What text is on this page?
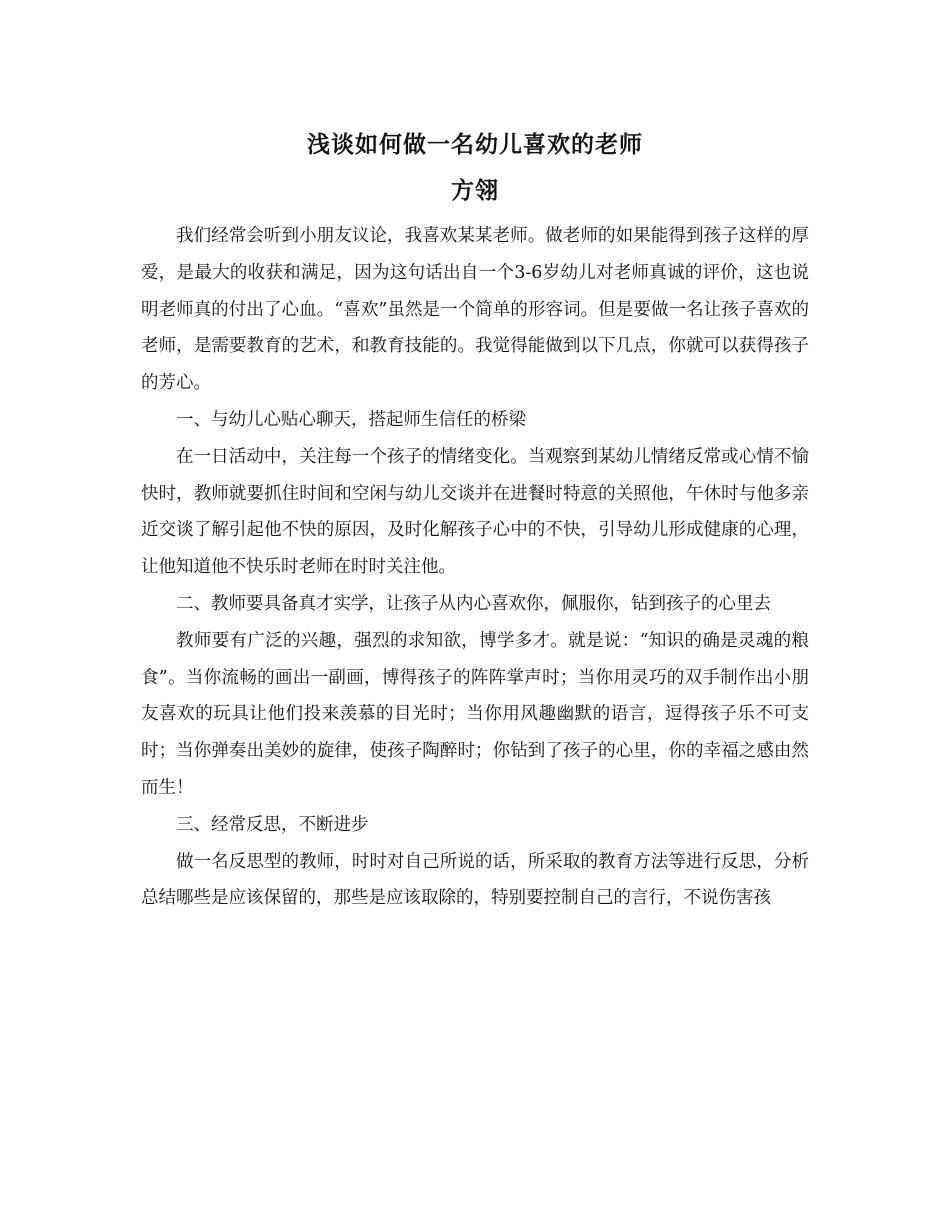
浅谈如何做一名幼儿喜欢的老师
方翎

我们经常会听到小朋友议论，我喜欢某某老师。做老师的如果能得到孩子这样的厚爱，是最大的收获和满足，因为这句话出自一个3-6岁幼儿对老师真诚的评价，这也说明老师真的付出了心血。“喜欢”虽然是一个简单的形容词。但是要做一名让孩子喜欢的老师，是需要教育的艺术，和教育技能的。我觉得能做到以下几点，你就可以获得孩子的芳心。

一、与幼儿心贴心聊天，搭起师生信任的桥梁

在一日活动中，关注每一个孩子的情绪变化。当观察到某幼儿情绪反常或心情不愉快时，教师就要抓住时间和空闲与幼儿交谈并在进餐时特意的关照他，午休时与他多亲近交谈了解引起他不快的原因，及时化解孩子心中的不快，引导幼儿形成健康的心理，让他知道他不快乐时老师在时时关注他。

二、教师要具备真才实学，让孩子从内心喜欢你，佩服你，钻到孩子的心里去

教师要有广泛的兴趣，强烈的求知欲，博学多才。就是说：“知识的确是灵魂的粮食”。当你流畅的画出一副画，博得孩子的阵阵掌声时；当你用灵巧的双手制作出小朋友喜欢的玩具让他们投来羡慕的目光时；当你用风趣幽默的语言，逗得孩子乐不可支时；当你弹奏出美妙的旋律，使孩子陶醉时；你钻到了孩子的心里，你的幸福之感由然而生！

三、经常反思，不断进步

做一名反思型的教师，时时对自己所说的话，所采取的教育方法等进行反思，分析总结哪些是应该保留的，那些是应该取除的，特别要控制自己的言行，不说伤害孩
